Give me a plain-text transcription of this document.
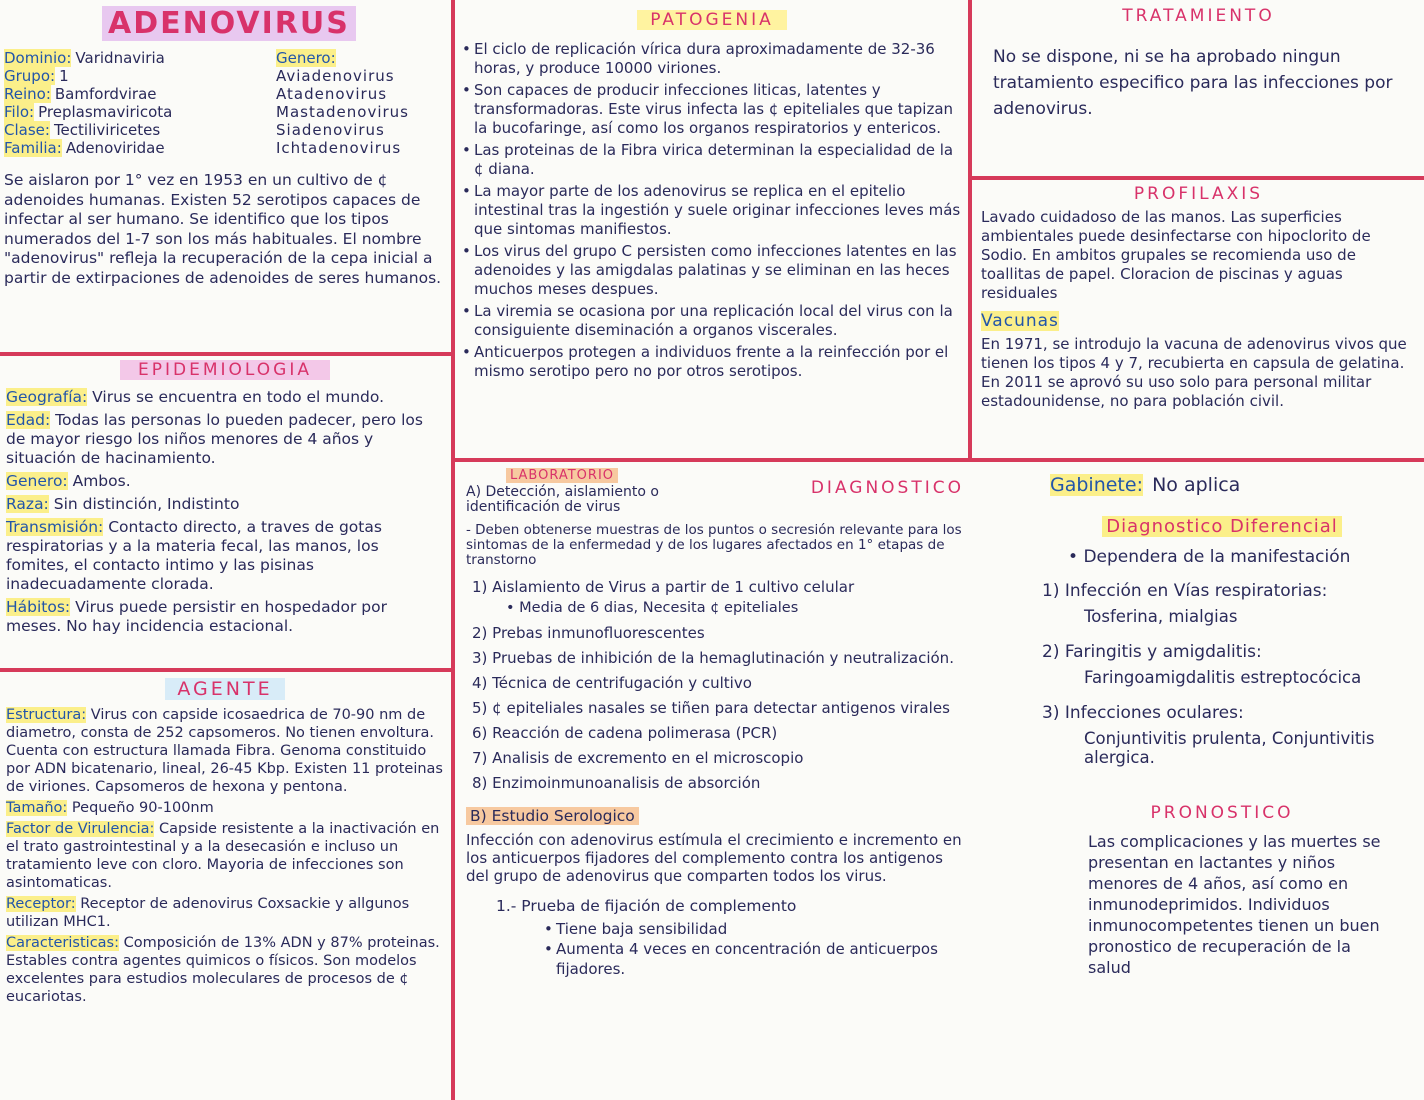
ADENOVIRUS
Dominio: Varidnaviria
Grupo: 1
Reino: Bamfordvirae
Filo: Preplasmaviricota
Clase: Tectiliviricetes
Familia: Adenoviridae
Genero:
Aviadenovirus
Atadenovirus
Mastadenovirus
Siadenovirus
Ichtadenovirus

Se aislaron por 1° vez en 1953 en un cultivo de ¢ adenoides humanas. Existen 52 serotipos capaces de infectar al ser humano. Se identifico que los tipos numerados del 1-7 son los más habituales. El nombre "adenovirus" refleja la recuperación de la cepa inicial a partir de extirpaciones de adenoides de seres humanos.

EPIDEMIOLOGIA

Geografía: Virus se encuentra en todo el mundo.

Edad: Todas las personas lo pueden padecer, pero los de mayor riesgo los niños menores de 4 años y situación de hacinamiento.

Genero: Ambos.

Raza: Sin distinción, Indistinto

Transmisión: Contacto directo, a traves de gotas respiratorias y a la materia fecal, las manos, los fomites, el contacto intimo y las pisinas inadecuadamente clorada.

Hábitos: Virus puede persistir en hospedador por meses. No hay incidencia estacional.

AGENTE

Estructura: Virus con capside icosaedrica de 70-90 nm de diametro, consta de 252 capsomeros. No tienen envoltura. Cuenta con estructura llamada Fibra. Genoma constituido por ADN bicatenario, lineal, 26-45 Kbp. Existen 11 proteinas de viriones. Capsomeros de hexona y pentona.

Tamaño: Pequeño 90-100nm

Factor de Virulencia: Capside resistente a la inactivación en el trato gastrointestinal y a la desecasión e incluso un tratamiento leve con cloro. Mayoria de infecciones son asintomaticas.

Receptor: Receptor de adenovirus Coxsackie y allgunos utilizan MHC1.

Caracteristicas: Composición de 13% ADN y 87% proteinas. Estables contra agentes quimicos o físicos. Son modelos excelentes para estudios moleculares de procesos de ¢ eucariotas.

PATOGENIA
• El ciclo de replicación vírica dura aproximadamente de 32-36 horas, y produce 10000 viriones.
• Son capaces de producir infecciones liticas, latentes y transformadoras. Este virus infecta las ¢ epiteliales que tapizan la bucofaringe, así como los organos respiratorios y entericos.
• Las proteinas de la Fibra virica determinan la especialidad de la ¢ diana.
• La mayor parte de los adenovirus se replica en el epitelio intestinal tras la ingestión y suele originar infecciones leves más que sintomas manifiestos.
• Los virus del grupo C persisten como infecciones latentes en las adenoides y las amigdalas palatinas y se eliminan en las heces muchos meses despues.
• La viremia se ocasiona por una replicación local del virus con la consiguiente diseminación a organos viscerales.
• Anticuerpos protegen a individuos frente a la reinfección por el mismo serotipo pero no por otros serotipos.
TRATAMIENTO

No se dispone, ni se ha aprobado ningun tratamiento especifico para las infecciones por adenovirus.

PROFILAXIS

Lavado cuidadoso de las manos. Las superficies ambientales puede desinfectarse con hipoclorito de Sodio. En ambitos grupales se recomienda uso de toallitas de papel. Cloracion de piscinas y aguas residuales

Vacunas

En 1971, se introdujo la vacuna de adenovirus vivos que tienen los tipos 4 y 7, recubierta en capsula de gelatina. En 2011 se aprovó su uso solo para personal militar estadounidense, no para población civil.

LABORATORIO
A) Detección, aislamiento o identificación de virus
DIAGNOSTICO

- Deben obtenerse muestras de los puntos o secresión relevante para los sintomas de la enfermedad y de los lugares afectados en 1° etapas de transtorno

1) Aislamiento de Virus a partir de 1 cultivo celular
• Media de 6 dias, Necesita ¢ epiteliales
2) Prebas inmunofluorescentes
3) Pruebas de inhibición de la hemaglutinación y neutralización.
4) Técnica de centrifugación y cultivo
5) ¢ epiteliales nasales se tiñen para detectar antigenos virales
6) Reacción de cadena polimerasa (PCR)
7) Analisis de excremento en el microscopio
8) Enzimoinmunoanalisis de absorción
B) Estudio Serologico

Infección con adenovirus estímula el crecimiento e incremento en los anticuerpos fijadores del complemento contra los antigenos del grupo de adenovirus que comparten todos los virus.

1.- Prueba de fijación de complemento

• Tiene baja sensibilidad
• Aumenta 4 veces en concentración de anticuerpos fijadores.
Gabinete: No aplica
Diagnostico Diferencial
• Dependera de la manifestación
1) Infección en Vías respiratorias:
Tosferina, mialgias
2) Faringitis y amigdalitis:
Faringoamigdalitis estreptocócica
3) Infecciones oculares:
Conjuntivitis prulenta, Conjuntivitis alergica.
PRONOSTICO

Las complicaciones y las muertes se presentan en lactantes y niños menores de 4 años, así como en inmunodeprimidos. Individuos inmunocompetentes tienen un buen pronostico de recuperación de la salud
